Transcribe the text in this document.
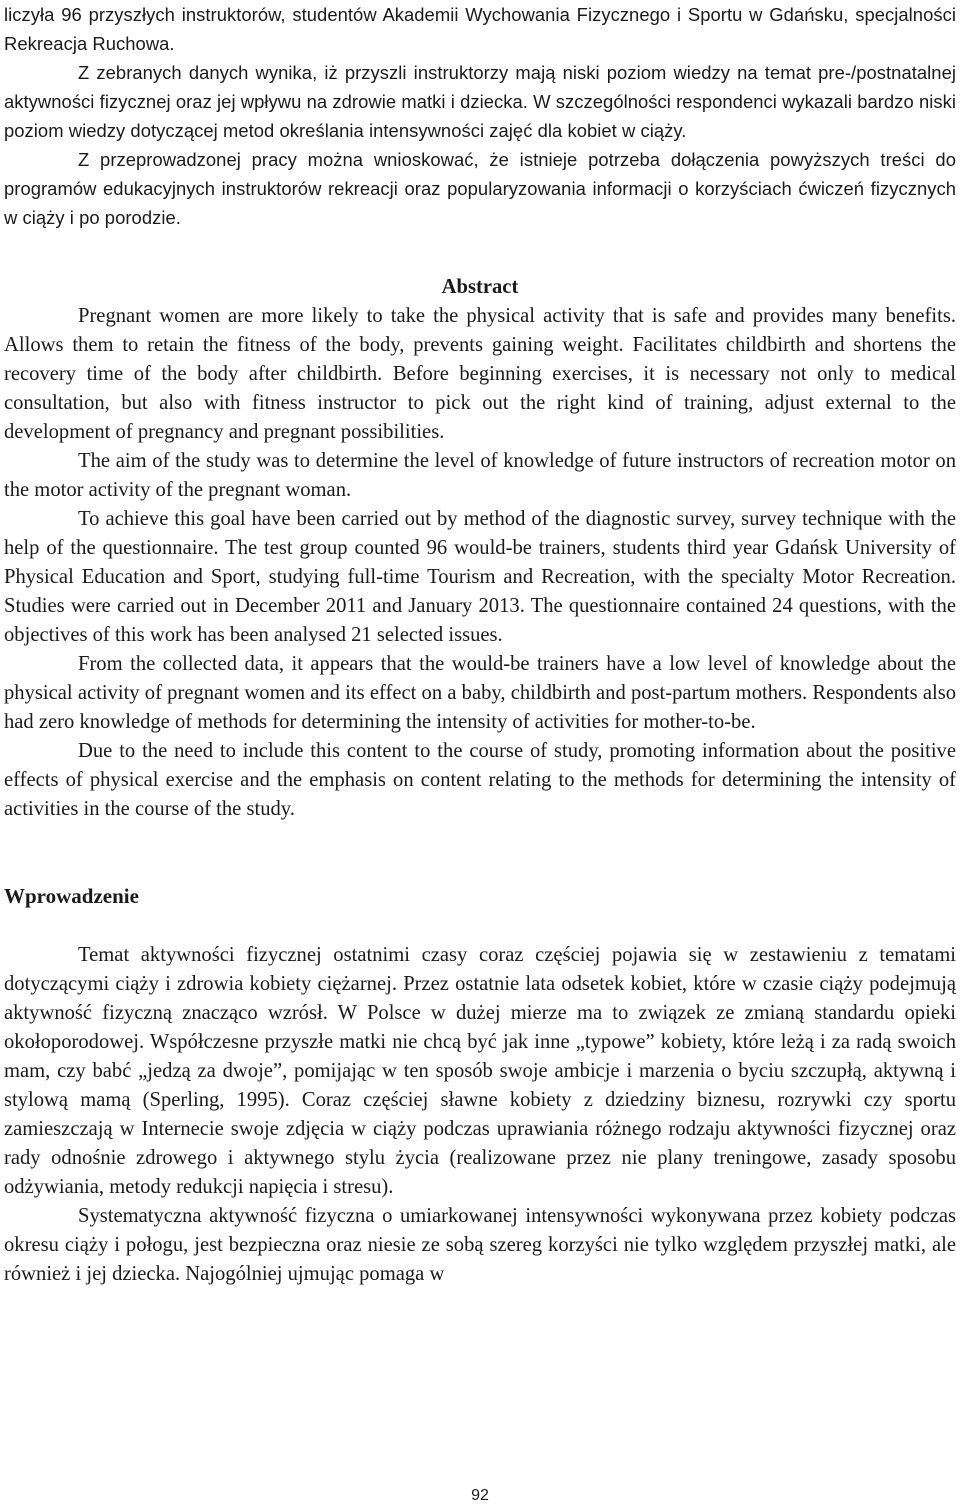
liczyła 96 przyszłych instruktorów, studentów Akademii Wychowania Fizycznego i Sportu w Gdańsku, specjalności Rekreacja Ruchowa.

Z zebranych danych wynika, iż przyszli instruktorzy mają niski poziom wiedzy na temat pre-/postnatalnej aktywności fizycznej oraz jej wpływu na zdrowie matki i dziecka. W szczególności respondenci wykazali bardzo niski poziom wiedzy dotyczącej metod określania intensywności zajęć dla kobiet w ciąży.

Z przeprowadzonej pracy można wnioskować, że istnieje potrzeba dołączenia powyższych treści do programów edukacyjnych instruktorów rekreacji oraz popularyzowania informacji o korzyściach ćwiczeń fizycznych w ciąży i po porodzie.

Abstract

Pregnant women are more likely to take the physical activity that is safe and provides many benefits. Allows them to retain the fitness of the body, prevents gaining weight. Facilitates childbirth and shortens the recovery time of the body after childbirth. Before beginning exercises, it is necessary not only to medical consultation, but also with fitness instructor to pick out the right kind of training, adjust external to the development of pregnancy and pregnant possibilities.

The aim of the study was to determine the level of knowledge of future instructors of recreation motor on the motor activity of the pregnant woman.

To achieve this goal have been carried out by method of the diagnostic survey, survey technique with the help of the questionnaire. The test group counted 96 would-be trainers, students third year Gdańsk University of Physical Education and Sport, studying full-time Tourism and Recreation, with the specialty Motor Recreation. Studies were carried out in December 2011 and January 2013. The questionnaire contained 24 questions, with the objectives of this work has been analysed 21 selected issues.

From the collected data, it appears that the would-be trainers have a low level of knowledge about the physical activity of pregnant women and its effect on a baby, childbirth and post-partum mothers. Respondents also had zero knowledge of methods for determining the intensity of activities for mother-to-be.

Due to the need to include this content to the course of study, promoting information about the positive effects of physical exercise and the emphasis on content relating to the methods for determining the intensity of activities in the course of the study.

Wprowadzenie

Temat aktywności fizycznej ostatnimi czasy coraz częściej pojawia się w zestawieniu z tematami dotyczącymi ciąży i zdrowia kobiety ciężarnej. Przez ostatnie lata odsetek kobiet, które w czasie ciąży podejmują aktywność fizyczną znacząco wzrósł. W Polsce w dużej mierze ma to związek ze zmianą standardu opieki okołoporodowej. Współczesne przyszłe matki nie chcą być jak inne „typowe” kobiety, które leżą i za radą swoich mam, czy babć „jedzą za dwoje”, pomijając w ten sposób swoje ambicje i marzenia o byciu szczupłą, aktywną i stylową mamą (Sperling, 1995). Coraz częściej sławne kobiety z dziedziny biznesu, rozrywki czy sportu zamieszczają w Internecie swoje zdjęcia w ciąży podczas uprawiania różnego rodzaju aktywności fizycznej oraz rady odnośnie zdrowego i aktywnego stylu życia (realizowane przez nie plany treningowe, zasady sposobu odżywiania, metody redukcji napięcia i stresu).

Systematyczna aktywność fizyczna o umiarkowanej intensywności wykonywana przez kobiety podczas okresu ciąży i połogu, jest bezpieczna oraz niesie ze sobą szereg korzyści nie tylko względem przyszłej matki, ale również i jej dziecka. Najogólniej ujmując pomaga w

92
